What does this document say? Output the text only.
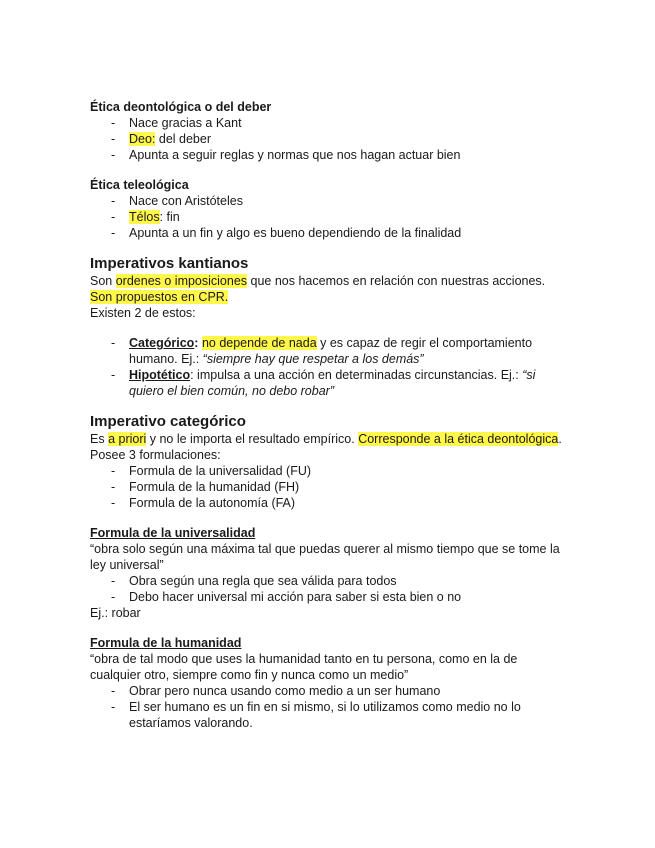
Ética deontológica o del deber
- Nace gracias a Kant
- Deo: del deber
- Apunta a seguir reglas y normas que nos hagan actuar bien
Ética teleológica
- Nace con Aristóteles
- Télos: fin
- Apunta a un fin y algo es bueno dependiendo de la finalidad
Imperativos kantianos

Son ordenes o imposiciones que nos hacemos en relación con nuestras acciones.

Son propuestos en CPR.

Existen 2 de estos:

- Categórico: no depende de nada y es capaz de regir el comportamiento humano. Ej.: “siempre hay que respetar a los demás”
- Hipotético: impulsa a una acción en determinadas circunstancias. Ej.: “si quiero el bien común, no debo robar”
Imperativo categórico

Es a priori y no le importa el resultado empírico. Corresponde a la ética deontológica. Posee 3 formulaciones:

- Formula de la universalidad (FU)
- Formula de la humanidad (FH)
- Formula de la autonomía (FA)
Formula de la universalidad

“obra solo según una máxima tal que puedas querer al mismo tiempo que se tome la ley universal”

- Obra según una regla que sea válida para todos
- Debo hacer universal mi acción para saber si esta bien o no

Ej.: robar

Formula de la humanidad

“obra de tal modo que uses la humanidad tanto en tu persona, como en la de cualquier otro, siempre como fin y nunca como un medio”

- Obrar pero nunca usando como medio a un ser humano
- El ser humano es un fin en si mismo, si lo utilizamos como medio no lo estaríamos valorando.
